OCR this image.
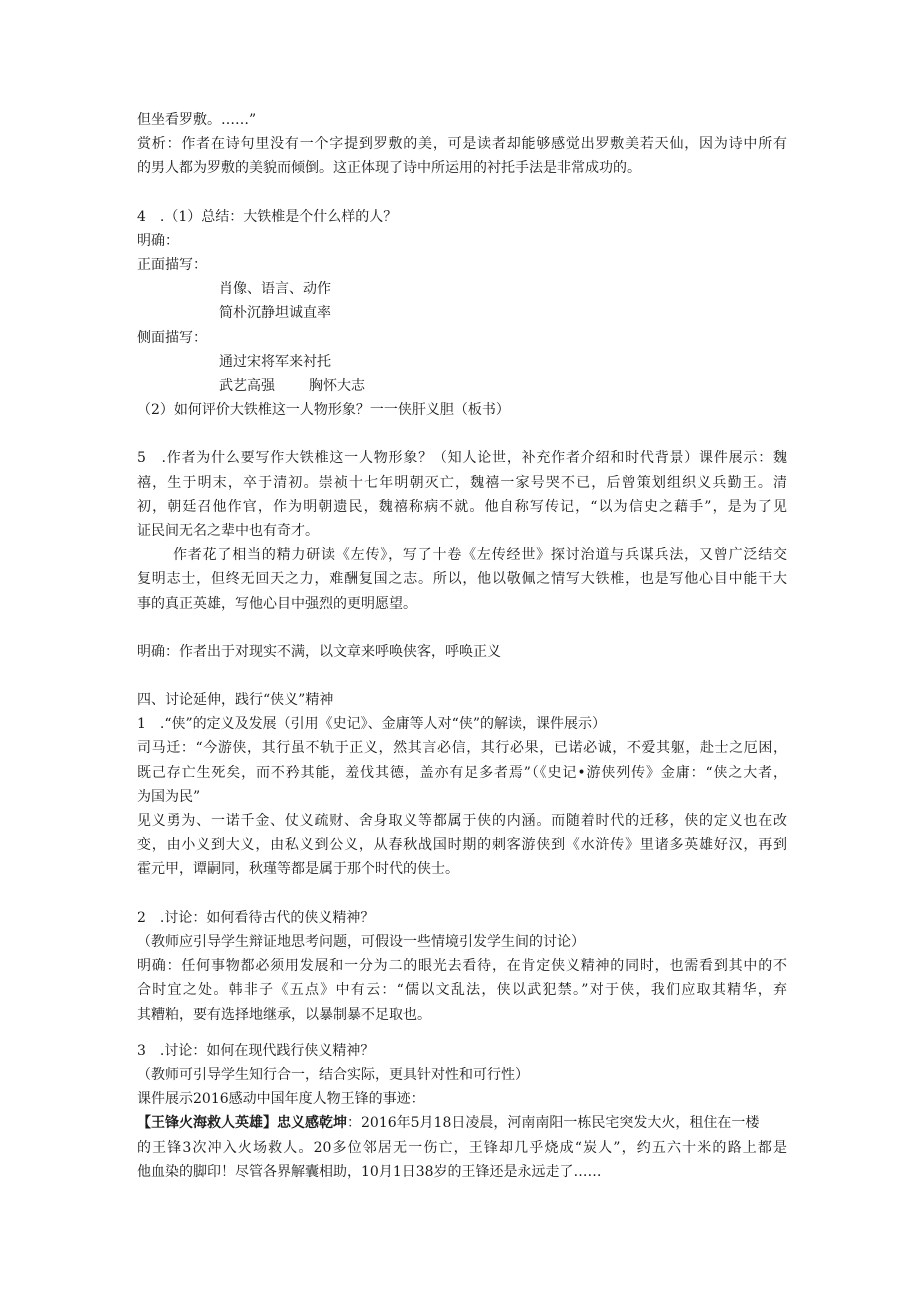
但坐看罗敷。……”
赏析：作者在诗句里没有一个字提到罗敷的美，可是读者却能够感觉出罗敷美若天仙，因为诗中所有
的男人都为罗敷的美貌而倾倒。这正体现了诗中所运用的衬托手法是非常成功的。
4　.（1）总结：大铁椎是个什么样的人？
明确：
正面描写：
肖像、语言、动作
简朴沉静坦诚直率
侧面描写：
通过宋将军来衬托
武艺高强 胸怀大志
（2）如何评价大铁椎这一人物形象？一一侠肝义胆（板书）
5　.作者为什么要写作大铁椎这一人物形象？（知人论世，补充作者介绍和时代背景）课件展示：魏
禧，生于明末，卒于清初。崇祯十七年明朝灭亡，魏禧一家号哭不已，后曾策划组织义兵勤王。清
初，朝廷召他作官，作为明朝遗民，魏禧称病不就。他自称写传记，“以为信史之藉手”，是为了见
证民间无名之辈中也有奇才。
作者花了相当的精力研读《左传》，写了十卷《左传经世》探讨治道与兵谋兵法，又曾广泛结交
复明志士，但终无回天之力，难酬复国之志。所以，他以敬佩之情写大铁椎，也是写他心目中能干大
事的真正英雄，写他心目中强烈的更明愿望。
明确：作者出于对现实不满，以文章来呼唤侠客，呼唤正义
四、讨论延伸，践行“侠义”精神
1　.“侠”的定义及发展（引用《史记》、金庸等人对“侠”的解读，课件展示）
司马迁：“今游侠，其行虽不轨于正义，然其言必信，其行必果，已诺必诚，不爱其躯，赴士之厄困，
既己存亡生死矣，而不矜其能，羞伐其德，盖亦有足多者焉”（《史记•游侠列传》金庸：“侠之大者，
为国为民”
见义勇为、一诺千金、仗义疏财、舍身取义等都属于侠的内涵。而随着时代的迁移，侠的定义也在改
变，由小义到大义，由私义到公义，从春秋战国时期的刺客游侠到《水浒传》里诸多英雄好汉，再到
霍元甲，谭嗣同，秋瑾等都是属于那个时代的侠士。
2　.讨论：如何看待古代的侠义精神？
（教师应引导学生辩证地思考问题，可假设一些情境引发学生间的讨论）
明确：任何事物都必须用发展和一分为二的眼光去看待，在肯定侠义精神的同时，也需看到其中的不
合时宜之处。韩非子《五点》中有云：“儒以文乱法，侠以武犯禁。”对于侠，我们应取其精华，弃
其糟粕，要有选择地继承，以暴制暴不足取也。
3　.讨论：如何在现代践行侠义精神？
（教师可引导学生知行合一，结合实际，更具针对性和可行性）
课件展示2016感动中国年度人物王锋的事迹：
【王锋火海救人英雄】忠义感乾坤：2016年5月18日凌晨，河南南阳一栋民宅突发大火，租住在一楼
的王锋3次冲入火场救人。20多位邻居无一伤亡，王锋却几乎烧成“炭人”，约五六十米的路上都是
他血染的脚印！尽管各界解囊相助，10月1日38岁的王锋还是永远走了……
